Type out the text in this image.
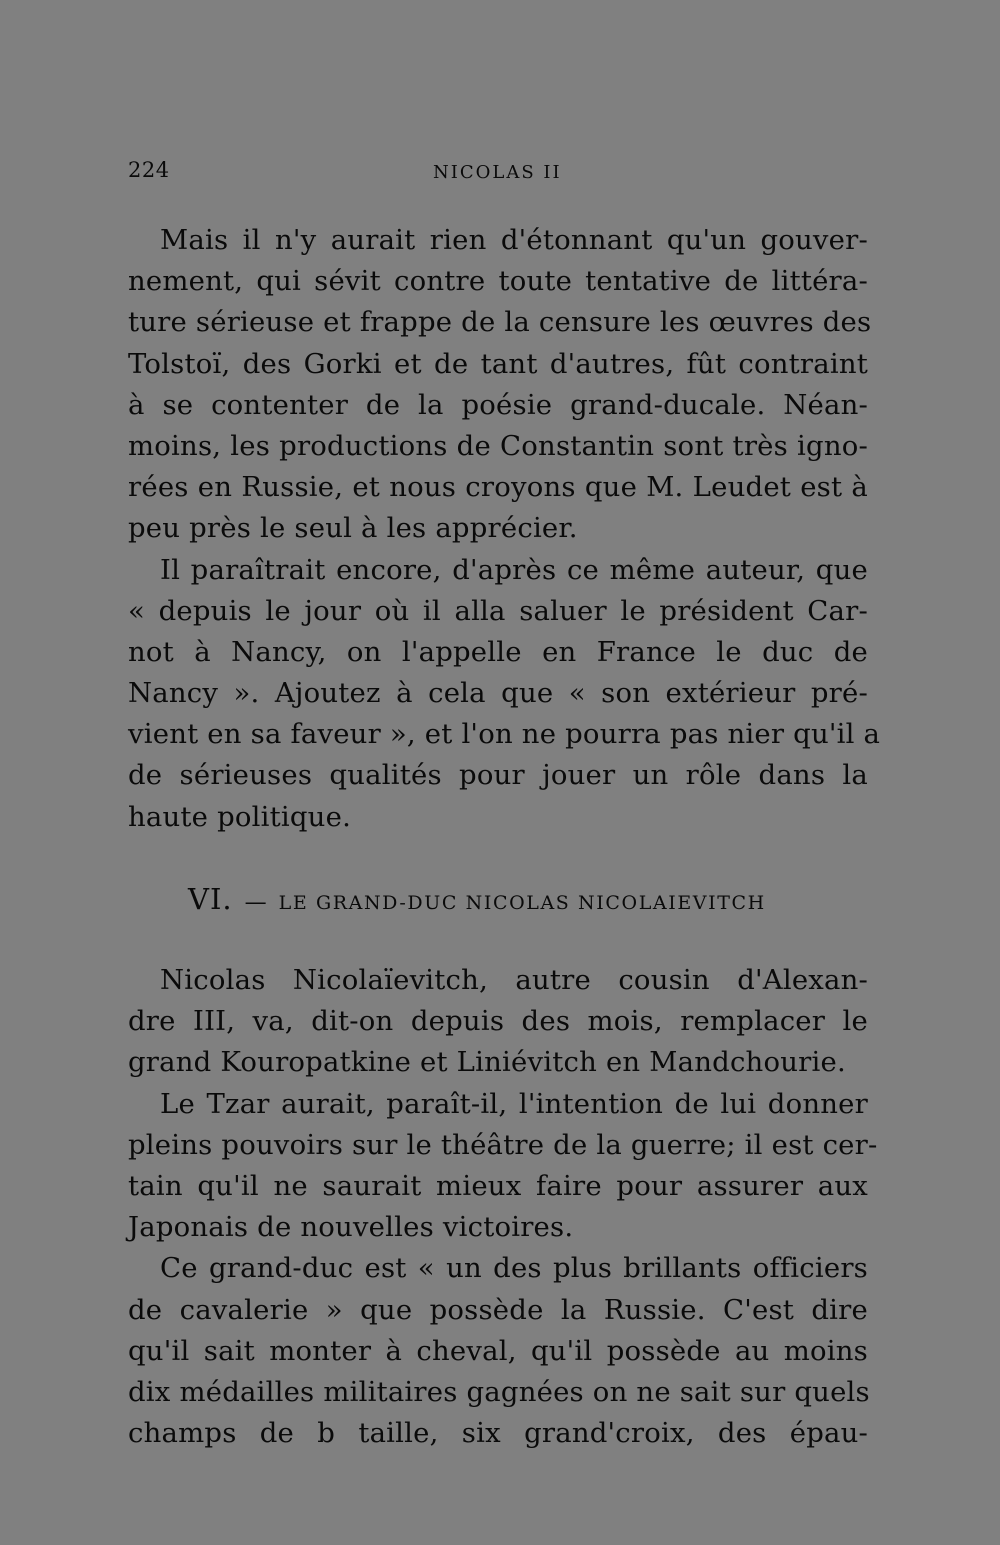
224	NICOLAS II
Mais il n'y aurait rien d'étonnant qu'un gouver-
nement, qui sévit contre toute tentative de littéra-
ture sérieuse et frappe de la censure les œuvres des
Tolstoï, des Gorki et de tant d'autres, fût contraint
à se contenter de la poésie grand-ducale. Néan-
moins, les productions de Constantin sont très igno-
rées en Russie, et nous croyons que M. Leudet est à
peu près le seul à les apprécier.
Il paraîtrait encore, d'après ce même auteur, que
« depuis le jour où il alla saluer le président Car-
not à Nancy, on l'appelle en France le duc de
Nancy ». Ajoutez à cela que « son extérieur pré-
vient en sa faveur », et l'on ne pourra pas nier qu'il a
de sérieuses qualités pour jouer un rôle dans la
haute politique.
VI. — LE GRAND-DUC NICOLAS NICOLAIEVITCH
Nicolas Nicolaïevitch, autre cousin d'Alexan-
dre III, va, dit-on depuis des mois, remplacer le
grand Kouropatkine et Liniévitch en Mandchourie.
Le Tzar aurait, paraît-il, l'intention de lui donner
pleins pouvoirs sur le théâtre de la guerre; il est cer-
tain qu'il ne saurait mieux faire pour assurer aux
Japonais de nouvelles victoires.
Ce grand-duc est « un des plus brillants officiers
de cavalerie » que possède la Russie. C'est dire
qu'il sait monter à cheval, qu'il possède au moins
dix médailles militaires gagnées on ne sait sur quels
champs de b taille, six grand'croix, des épau-
